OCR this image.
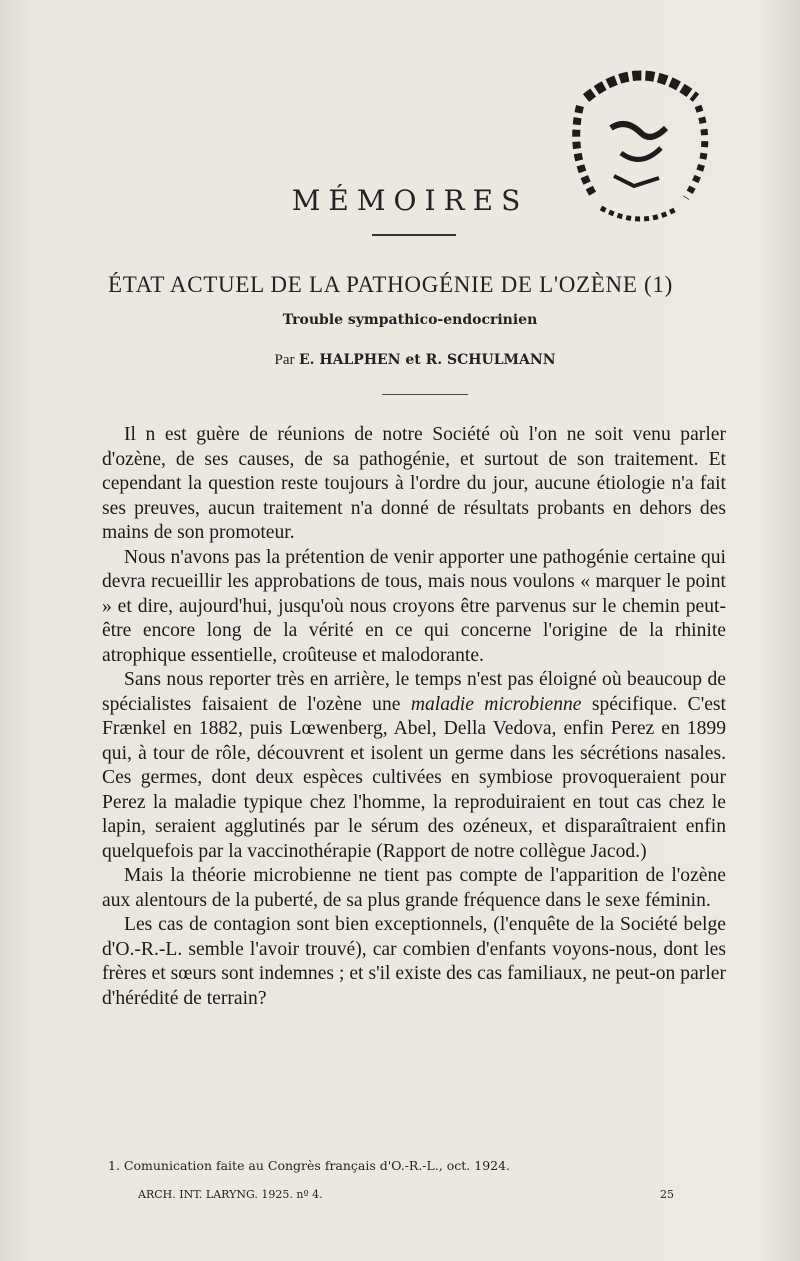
MÉMOIRES
ÉTAT ACTUEL DE LA PATHOGÉNIE DE L'OZÈNE (1)
Trouble sympathico-endocrinien
Par E. HALPHEN et R. SCHULMANN

Il n est guère de réunions de notre Société où l'on ne soit venu parler d'ozène, de ses causes, de sa pathogénie, et surtout de son traitement. Et cependant la question reste toujours à l'ordre du jour, aucune étiologie n'a fait ses preuves, aucun traitement n'a donné de résultats probants en dehors des mains de son promoteur.

Nous n'avons pas la prétention de venir apporter une pathogénie certaine qui devra recueillir les approbations de tous, mais nous voulons « marquer le point » et dire, aujourd'hui, jusqu'où nous croyons être parvenus sur le chemin peut-être encore long de la vérité en ce qui concerne l'origine de la rhinite atrophique essentielle, croûteuse et malodorante.

Sans nous reporter très en arrière, le temps n'est pas éloigné où beaucoup de spécialistes faisaient de l'ozène une maladie microbienne spécifique. C'est Frænkel en 1882, puis Lœwenberg, Abel, Della Vedova, enfin Perez en 1899 qui, à tour de rôle, découvrent et isolent un germe dans les sécrétions nasales. Ces germes, dont deux espèces cultivées en symbiose provoqueraient pour Perez la maladie typique chez l'homme, la reproduiraient en tout cas chez le lapin, seraient agglutinés par le sérum des ozéneux, et disparaîtraient enfin quelquefois par la vaccinothérapie (Rapport de notre collègue Jacod.)

Mais la théorie microbienne ne tient pas compte de l'apparition de l'ozène aux alentours de la puberté, de sa plus grande fréquence dans le sexe féminin.

Les cas de contagion sont bien exceptionnels, (l'enquête de la Société belge d'O.-R.-L. semble l'avoir trouvé), car combien d'enfants voyons-nous, dont les frères et sœurs sont indemnes ; et s'il existe des cas familiaux, ne peut-on parler d'hérédité de terrain?

1. Comunication faite au Congrès français d'O.-R.-L., oct. 1924.
ARCH. INT. LARYNG. 1925. nº 4.	25
